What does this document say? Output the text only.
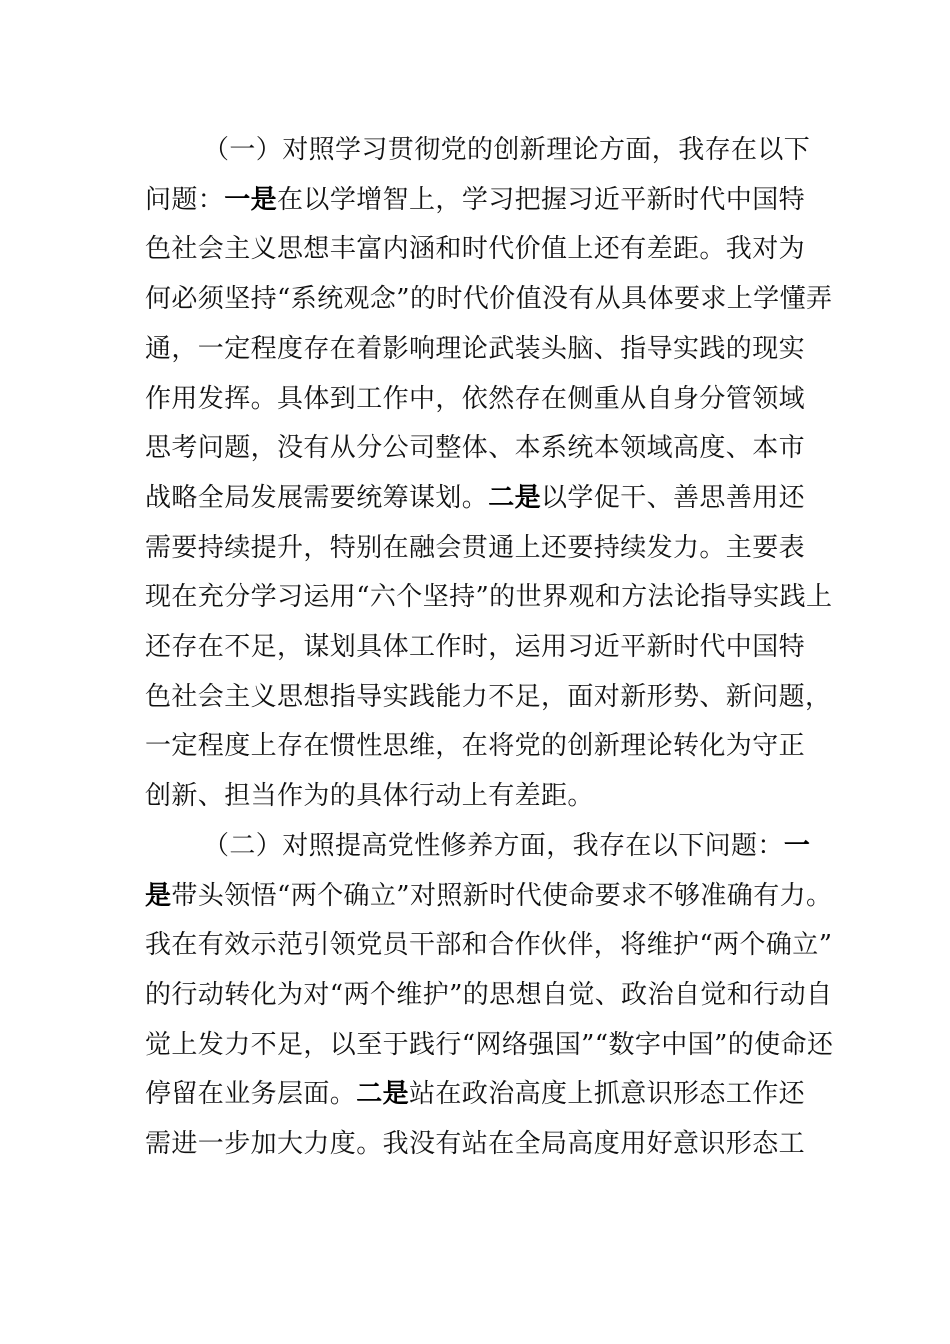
（一）对照学习贯彻党的创新理论方面，我存在以下
问题：一是在以学增智上，学习把握习近平新时代中国特
色社会主义思想丰富内涵和时代价值上还有差距。我对为
何必须坚持“系统观念”的时代价值没有从具体要求上学懂弄
通，一定程度存在着影响理论武装头脑、指导实践的现实
作用发挥。具体到工作中，依然存在侧重从自身分管领域
思考问题，没有从分公司整体、本系统本领域高度、本市
战略全局发展需要统筹谋划。二是以学促干、善思善用还
需要持续提升，特别在融会贯通上还要持续发力。主要表
现在充分学习运用“六个坚持”的世界观和方法论指导实践上
还存在不足，谋划具体工作时，运用习近平新时代中国特
色社会主义思想指导实践能力不足，面对新形势、新问题，
一定程度上存在惯性思维，在将党的创新理论转化为守正
创新、担当作为的具体行动上有差距。
（二）对照提高党性修养方面，我存在以下问题：一
是带头领悟“两个确立”对照新时代使命要求不够准确有力。
我在有效示范引领党员干部和合作伙伴，将维护“两个确立”
的行动转化为对“两个维护”的思想自觉、政治自觉和行动自
觉上发力不足，以至于践行“网络强国”“数字中国”的使命还
停留在业务层面。二是站在政治高度上抓意识形态工作还
需进一步加大力度。我没有站在全局高度用好意识形态工
